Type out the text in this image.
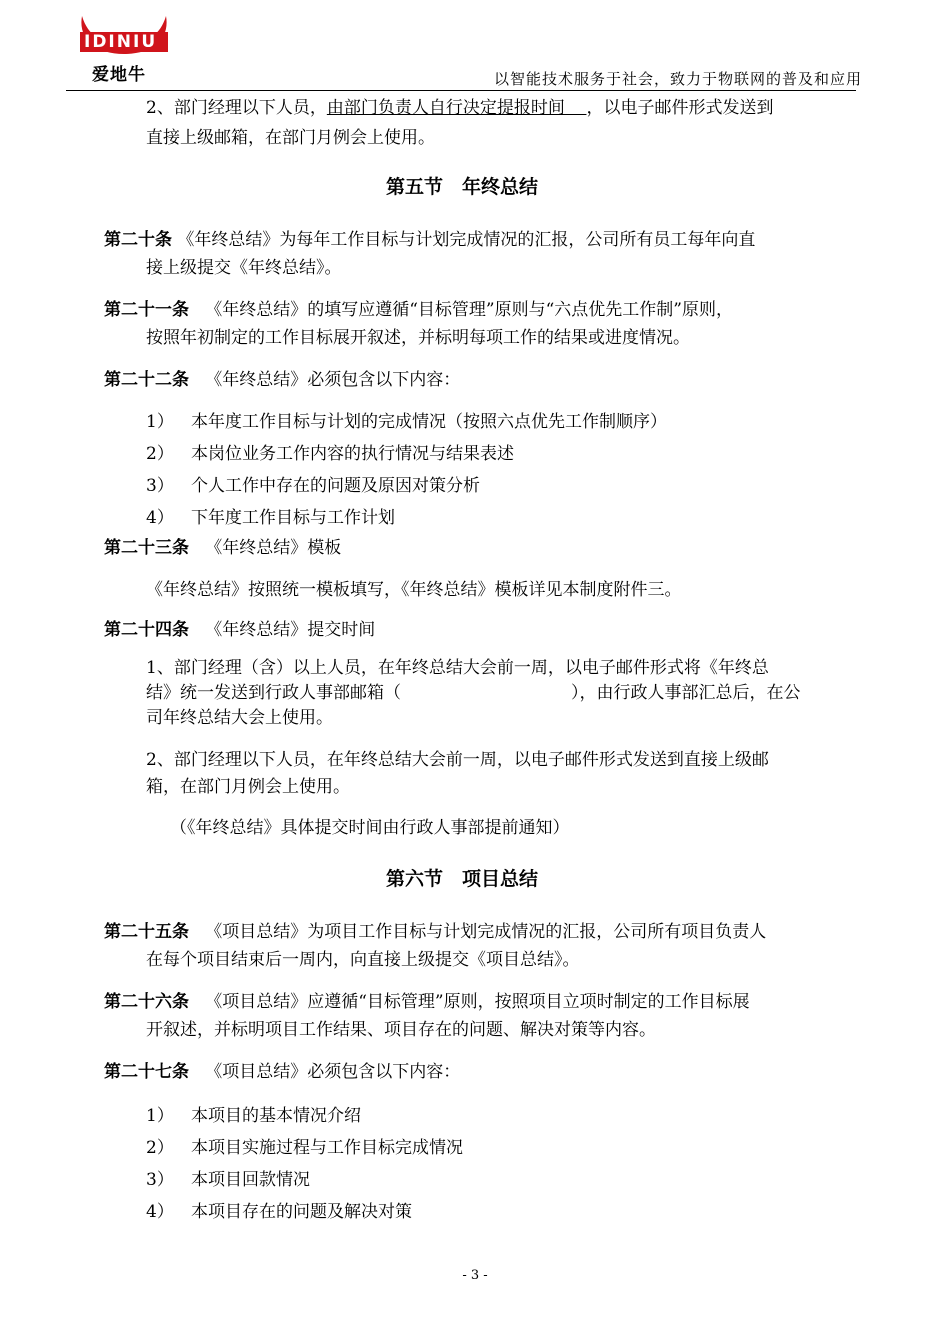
IDINIU
爱地牛	以智能技术服务于社会，致力于物联网的普及和应用
2、部门经理以下人员，由部门负责人自行决定提报时间    ，以电子邮件形式发送到
直接上级邮箱，在部门月例会上使用。
第五节　年终总结
第二十条 《年终总结》为每年工作目标与计划完成情况的汇报，公司所有员工每年向直
接上级提交《年终总结》。
第二十一条 《年终总结》的填写应遵循“目标管理”原则与“六点优先工作制”原则，
按照年初制定的工作目标展开叙述，并标明每项工作的结果或进度情况。
第二十二条 《年终总结》必须包含以下内容：
1） 本年度工作目标与计划的完成情况（按照六点优先工作制顺序）
2） 本岗位业务工作内容的执行情况与结果表述
3） 个人工作中存在的问题及原因对策分析
4） 下年度工作目标与工作计划
第二十三条 《年终总结》模板
《年终总结》按照统一模板填写，《年终总结》模板详见本制度附件三。
第二十四条 《年终总结》提交时间
1、部门经理（含）以上人员，在年终总结大会前一周，以电子邮件形式将《年终总
结》统一发送到行政人事部邮箱（　　　　　　　　　　），由行政人事部汇总后，在公
司年终总结大会上使用。
2、部门经理以下人员，在年终总结大会前一周，以电子邮件形式发送到直接上级邮
箱，在部门月例会上使用。
（《年终总结》具体提交时间由行政人事部提前通知）
第六节　项目总结
第二十五条 《项目总结》为项目工作目标与计划完成情况的汇报，公司所有项目负责人
在每个项目结束后一周内，向直接上级提交《项目总结》。
第二十六条 《项目总结》应遵循“目标管理”原则，按照项目立项时制定的工作目标展
开叙述，并标明项目工作结果、项目存在的问题、解决对策等内容。
第二十七条 《项目总结》必须包含以下内容：
1） 本项目的基本情况介绍
2） 本项目实施过程与工作目标完成情况
3） 本项目回款情况
4） 本项目存在的问题及解决对策
- 3 -
